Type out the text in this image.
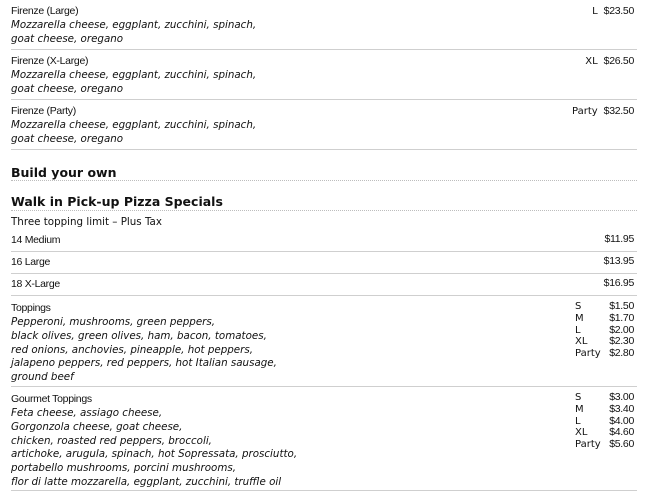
Firenze (Large)
Mozzarella cheese, eggplant, zucchini, spinach,
goat cheese, oregano
L $23.50
Firenze (X-Large)
Mozzarella cheese, eggplant, zucchini, spinach,
goat cheese, oregano
XL $26.50
Firenze (Party)
Mozzarella cheese, eggplant, zucchini, spinach,
goat cheese, oregano
Party $32.50
Build your own
Walk in Pick-up Pizza Specials
Three topping limit – Plus Tax
14 Medium	$11.95
16 Large	$13.95
18 X-Large	$16.95
Toppings
Pepperoni, mushrooms, green peppers,
black olives, green olives, ham, bacon, tomatoes,
red onions, anchovies, pineapple, hot peppers,
jalapeno peppers, red peppers, hot Italian sausage,
ground beef
S	$1.50
M $1.70
L	$2.00
XL $2.30
Party $2.80
Gourmet Toppings
Feta cheese, assiago cheese,
Gorgonzola cheese, goat cheese,
chicken, roasted red peppers, broccoli,
artichoke, arugula, spinach, hot Sopressata, prosciutto,
portabello mushrooms, porcini mushrooms,
flor di latte mozzarella, eggplant, zucchini, truffle oil
S	$3.00
M $3.40
L	$4.00
XL $4.60
Party $5.60
